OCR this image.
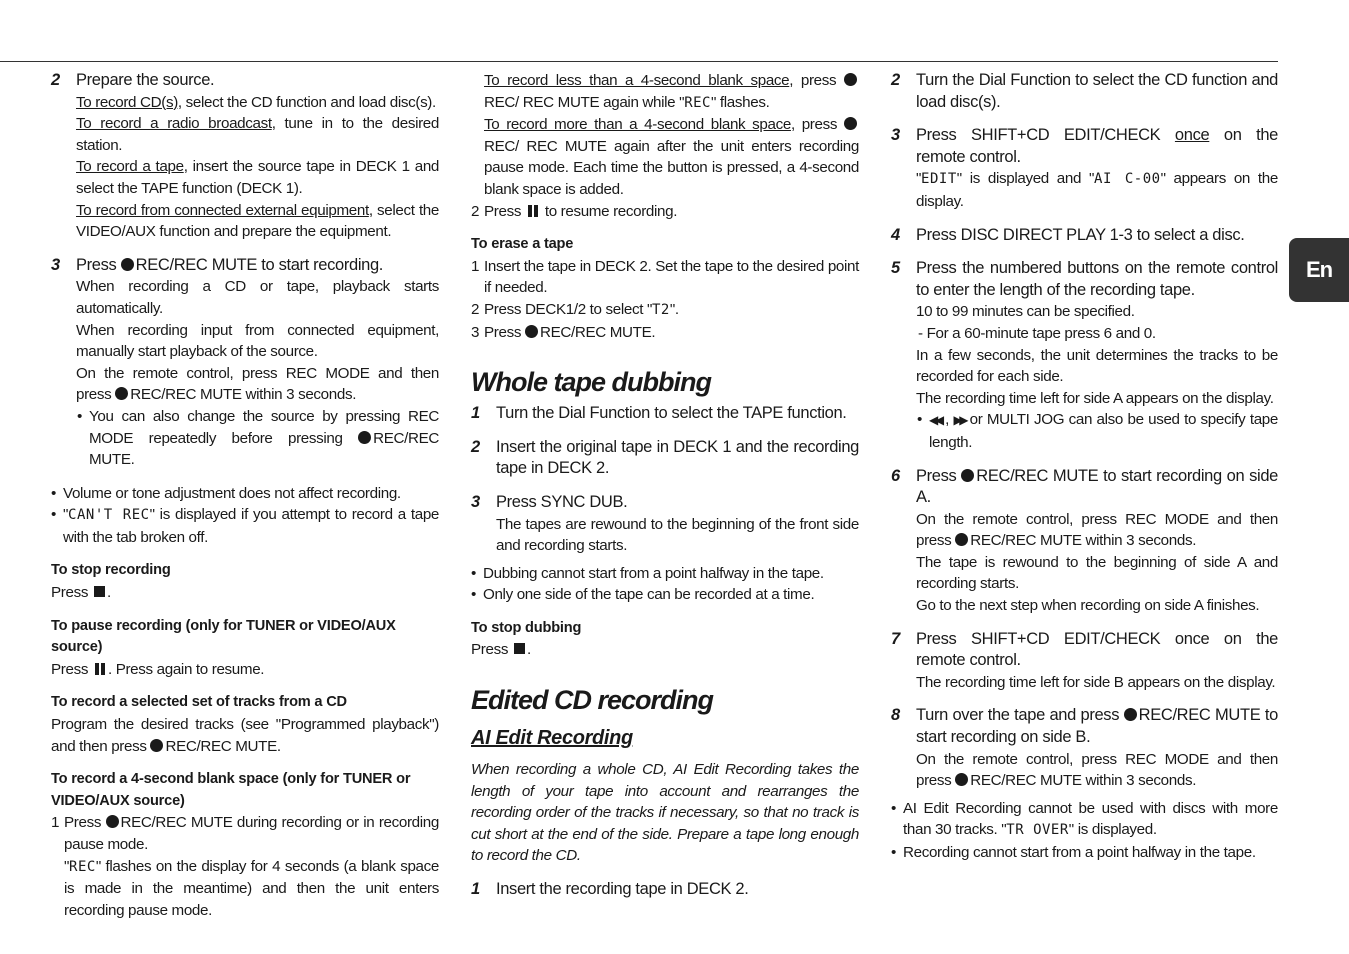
En
2 Prepare the source.

To record CD(s), select the CD function and load disc(s).

To record a radio broadcast, tune in to the desired station.

To record a tape, insert the source tape in DECK 1 and select the TAPE function (DECK 1).

To record from connected external equipment, select the VIDEO/AUX function and prepare the equipment.

3 Press REC/REC MUTE to start recording.

When recording a CD or tape, playback starts automatically.

When recording input from connected equipment, manually start playback of the source.

On the remote control, press REC MODE and then press REC/REC MUTE within 3 seconds.

• You can also change the source by pressing REC MODE repeatedly before pressing REC/REC MUTE.
• Volume or tone adjustment does not affect recording.
• "CAN'T REC" is displayed if you attempt to record a tape with the tab broken off.
To stop recording

Press .

To pause recording (only for TUNER or VIDEO/AUX source)

Press . Press again to resume.

To record a selected set of tracks from a CD

Program the desired tracks (see "Programmed playback") and then press REC/REC MUTE.

To record a 4-second blank space (only for TUNER or VIDEO/AUX source)
1 Press REC/REC MUTE during recording or in recording pause mode.
"REC" flashes on the display for 4 seconds (a blank space is made in the meantime) and then the unit enters recording pause mode.

To record less than a 4-second blank space, press REC/ REC MUTE again while "REC" flashes.

To record more than a 4-second blank space, press REC/ REC MUTE again after the unit enters recording pause mode. Each time the button is pressed, a 4-second blank space is added.

2 Press to resume recording.
To erase a tape
1 Insert the tape in DECK 2. Set the tape to the desired point if needed.
2 Press DECK1/2 to select "T2".
3 Press REC/REC MUTE.
Whole tape dubbing
1 Turn the Dial Function to select the TAPE function.
2 Insert the original tape in DECK 1 and the recording tape in DECK 2.
3 Press SYNC DUB.
The tapes are rewound to the beginning of the front side and recording starts.
• Dubbing cannot start from a point halfway in the tape.
• Only one side of the tape can be recorded at a time.
To stop dubbing

Press .

Edited CD recording
AI Edit Recording

When recording a whole CD, AI Edit Recording takes the length of your tape into account and rearranges the recording order of the tracks if necessary, so that no track is cut short at the end of the side. Prepare a tape long enough to record the CD.

1 Insert the recording tape in DECK 2.
2 Turn the Dial Function to select the CD function and load disc(s).
3 Press SHIFT+CD EDIT/CHECK once on the remote control.
"EDIT" is displayed and "AI C-00" appears on the display.
4 Press DISC DIRECT PLAY 1-3 to select a disc.
5 Press the numbered buttons on the remote control to enter the length of the recording tape.

10 to 99 minutes can be specified.

- For a 60-minute tape press 6 and 0.

In a few seconds, the unit determines the tracks to be recorded for each side.

The recording time left for side A appears on the display.

• ◀◀ , ▶▶ or MULTI JOG can also be used to specify tape length.
6 Press REC/REC MUTE to start recording on side A.

On the remote control, press REC MODE and then press REC/REC MUTE within 3 seconds.

The tape is rewound to the beginning of side A and recording starts.

Go to the next step when recording on side A finishes.

7 Press SHIFT+CD EDIT/CHECK once on the remote control.
The recording time left for side B appears on the display.
8 Turn over the tape and press REC/REC MUTE to start recording on side B.

On the remote control, press REC MODE and then press REC/REC MUTE within 3 seconds.

• AI Edit Recording cannot be used with discs with more than 30 tracks. "TR OVER" is displayed.
• Recording cannot start from a point halfway in the tape.
